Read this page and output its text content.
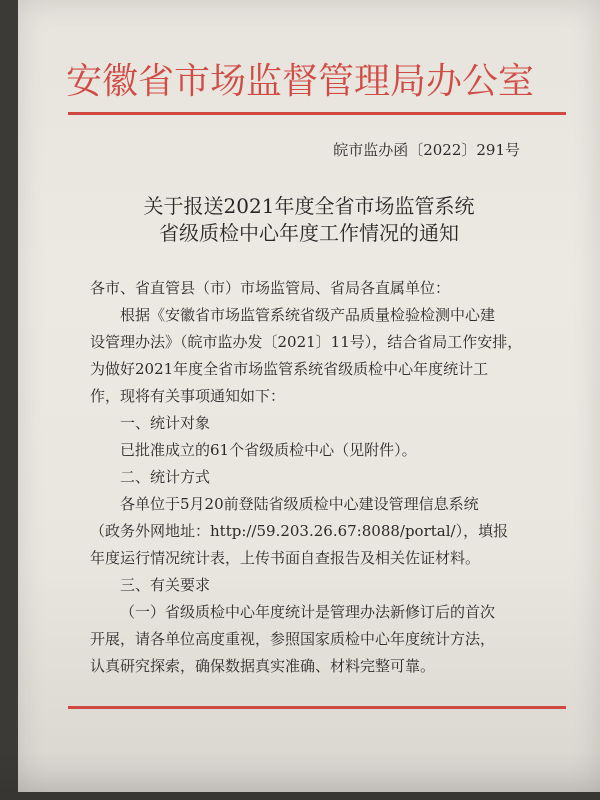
安徽省市场监督管理局办公室
皖市监办函〔2022〕291号
关于报送2021年度全省市场监管系统
省级质检中心年度工作情况的通知
各市、省直管县（市）市场监管局、省局各直属单位：
根据《安徽省市场监管系统省级产品质量检验检测中心建
设管理办法》（皖市监办发〔2021〕11号），结合省局工作安排，
为做好2021年度全省市场监管系统省级质检中心年度统计工
作，现将有关事项通知如下：
一、统计对象
已批准成立的61个省级质检中心（见附件）。
二、统计方式
各单位于5月20前登陆省级质检中心建设管理信息系统
（政务外网地址：http://59.203.26.67:8088/portal/），填报
年度运行情况统计表，上传书面自查报告及相关佐证材料。
三、有关要求
（一）省级质检中心年度统计是管理办法新修订后的首次
开展，请各单位高度重视，参照国家质检中心年度统计方法，
认真研究探索，确保数据真实准确、材料完整可靠。
